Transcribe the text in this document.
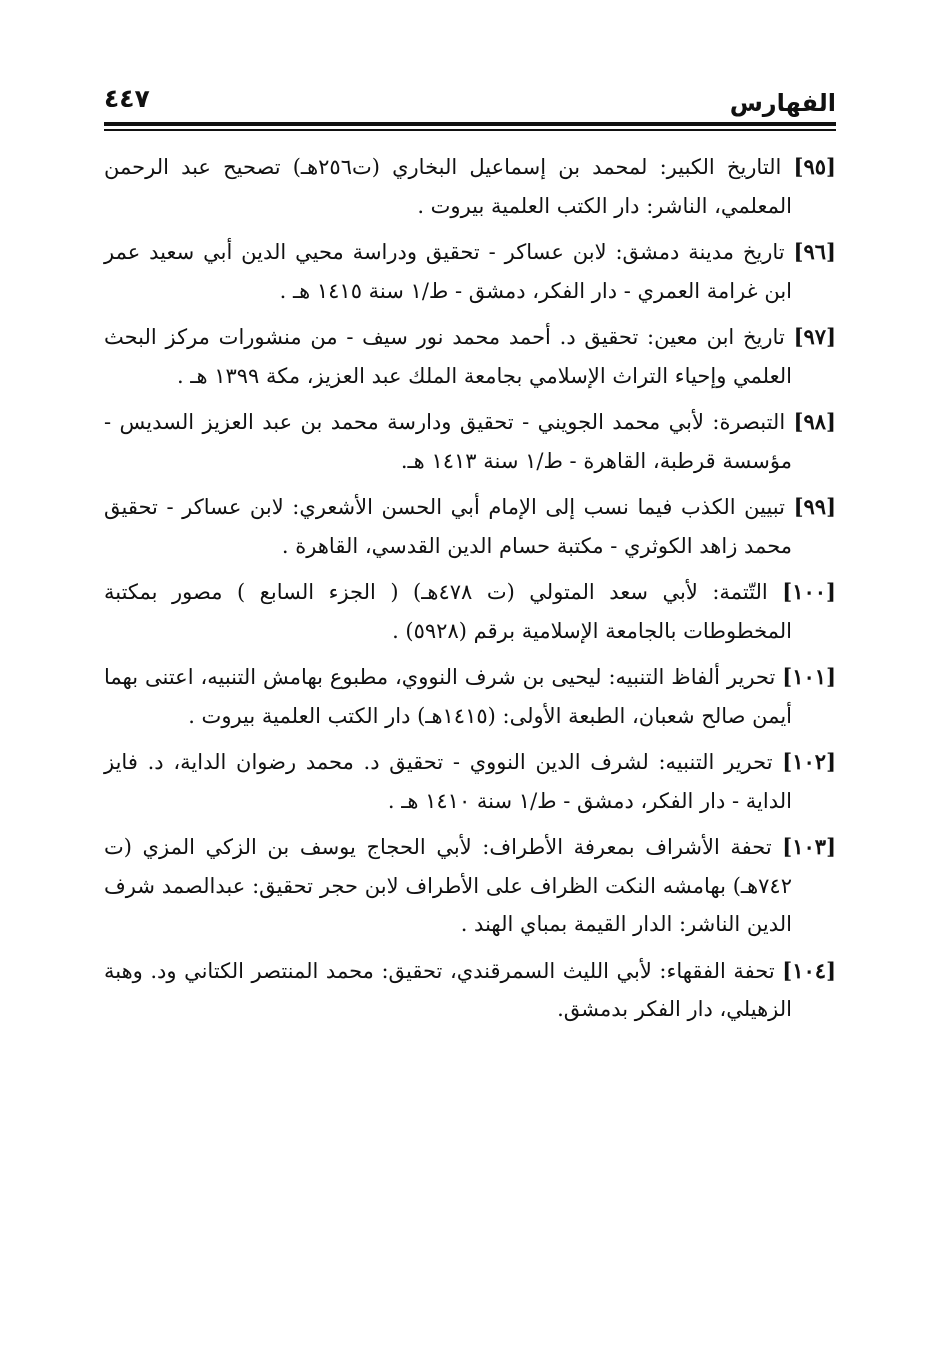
الفهارس
٤٤٧
[٩٥] التاريخ الكبير: لمحمد بن إسماعيل البخاري (ت٢٥٦هـ) تصحيح عبد الرحمن المعلمي، الناشر: دار الكتب العلمية بيروت .
[٩٦] تاريخ مدينة دمشق: لابن عساكر - تحقيق ودراسة محيي الدين أبي سعيد عمر ابن غرامة العمري - دار الفكر، دمشق - ط/١ سنة ١٤١٥ هـ .
[٩٧] تاريخ ابن معين: تحقيق د. أحمد محمد نور سيف - من منشورات مركز البحث العلمي وإحياء التراث الإسلامي بجامعة الملك عبد العزيز، مكة ١٣٩٩ هـ .
[٩٨] التبصرة: لأبي محمد الجويني - تحقيق ودارسة محمد بن عبد العزيز السديس - مؤسسة قرطبة، القاهرة - ط/١ سنة ١٤١٣ هـ.
[٩٩] تبيين الكذب فيما نسب إلى الإمام أبي الحسن الأشعري: لابن عساكر - تحقيق محمد زاهد الكوثري - مكتبة حسام الدين القدسي، القاهرة .
[١٠٠] التّتمة: لأبي سعد المتولي (ت ٤٧٨هـ) ( الجزء السابع ) مصور بمكتبة المخطوطات بالجامعة الإسلامية برقم (٥٩٢٨) .
[١٠١] تحرير ألفاظ التنبيه: ليحيى بن شرف النووي، مطبوع بهامش التنبيه، اعتنى بهما أيمن صالح شعبان، الطبعة الأولى: (١٤١٥هـ) دار الكتب العلمية بيروت .
[١٠٢] تحرير التنبيه: لشرف الدين النووي - تحقيق د. محمد رضوان الداية، د. فايز الداية - دار الفكر، دمشق - ط/١ سنة ١٤١٠ هـ .
[١٠٣] تحفة الأشراف بمعرفة الأطراف: لأبي الحجاج يوسف بن الزكي المزي (ت ٧٤٢هـ) بهامشه النكت الظراف على الأطراف لابن حجر تحقيق: عبدالصمد شرف الدين الناشر: الدار القيمة بمباي الهند .
[١٠٤] تحفة الفقهاء: لأبي الليث السمرقندي، تحقيق: محمد المنتصر الكتاني ود. وهبة الزهيلي، دار الفكر بدمشق.
